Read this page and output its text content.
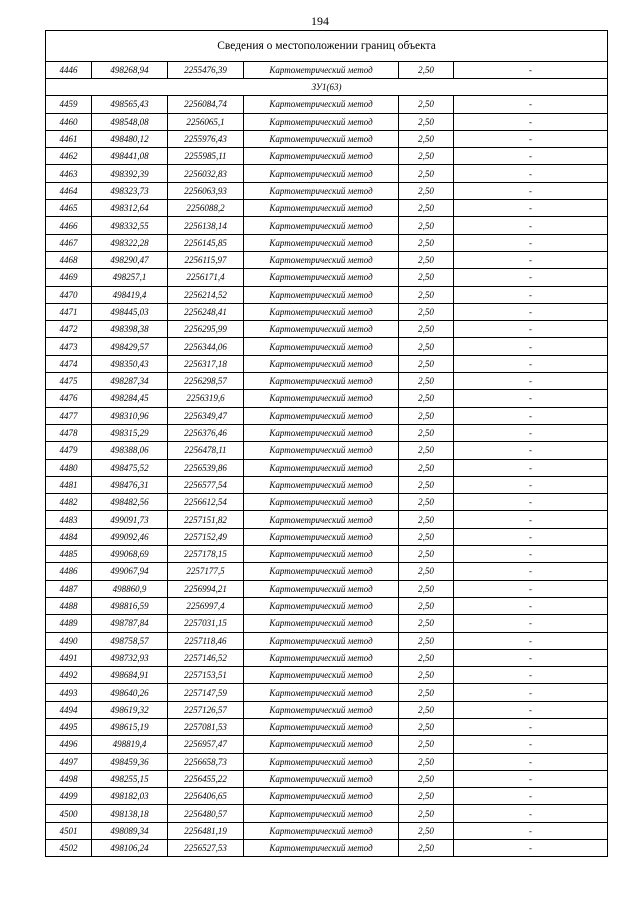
194
Сведения о местоположении границ объекта					
4446	498268,94	2255476,39	Картометрический метод	2,50	-
ЗУ1(63)					
4459	498565,43	2256084,74	Картометрический метод	2,50	-
4460	498548,08	2256065,1	Картометрический метод	2,50	-
4461	498480,12	2255976,43	Картометрический метод	2,50	-
4462	498441,08	2255985,11	Картометрический метод	2,50	-
4463	498392,39	2256032,83	Картометрический метод	2,50	-
4464	498323,73	2256063,93	Картометрический метод	2,50	-
4465	498312,64	2256088,2	Картометрический метод	2,50	-
4466	498332,55	2256138,14	Картометрический метод	2,50	-
4467	498322,28	2256145,85	Картометрический метод	2,50	-
4468	498290,47	2256115,97	Картометрический метод	2,50	-
4469	498257,1	2256171,4	Картометрический метод	2,50	-
4470	498419,4	2256214,52	Картометрический метод	2,50	-
4471	498445,03	2256248,41	Картометрический метод	2,50	-
4472	498398,38	2256295,99	Картометрический метод	2,50	-
4473	498429,57	2256344,06	Картометрический метод	2,50	-
4474	498350,43	2256317,18	Картометрический метод	2,50	-
4475	498287,34	2256298,57	Картометрический метод	2,50	-
4476	498284,45	2256319,6	Картометрический метод	2,50	-
4477	498310,96	2256349,47	Картометрический метод	2,50	-
4478	498315,29	2256376,46	Картометрический метод	2,50	-
4479	498388,06	2256478,11	Картометрический метод	2,50	-
4480	498475,52	2256539,86	Картометрический метод	2,50	-
4481	498476,31	2256577,54	Картометрический метод	2,50	-
4482	498482,56	2256612,54	Картометрический метод	2,50	-
4483	499091,73	2257151,82	Картометрический метод	2,50	-
4484	499092,46	2257152,49	Картометрический метод	2,50	-
4485	499068,69	2257178,15	Картометрический метод	2,50	-
4486	499067,94	2257177,5	Картометрический метод	2,50	-
4487	498860,9	2256994,21	Картометрический метод	2,50	-
4488	498816,59	2256997,4	Картометрический метод	2,50	-
4489	498787,84	2257031,15	Картометрический метод	2,50	-
4490	498758,57	2257118,46	Картометрический метод	2,50	-
4491	498732,93	2257146,52	Картометрический метод	2,50	-
4492	498684,91	2257153,51	Картометрический метод	2,50	-
4493	498640,26	2257147,59	Картометрический метод	2,50	-
4494	498619,32	2257126,57	Картометрический метод	2,50	-
4495	498615,19	2257081,53	Картометрический метод	2,50	-
4496	498819,4	2256957,47	Картометрический метод	2,50	-
4497	498459,36	2256658,73	Картометрический метод	2,50	-
4498	498255,15	2256455,22	Картометрический метод	2,50	-
4499	498182,03	2256406,65	Картометрический метод	2,50	-
4500	498138,18	2256480,57	Картометрический метод	2,50	-
4501	498089,34	2256481,19	Картометрический метод	2,50	-
4502	498106,24	2256527,53	Картометрический метод	2,50	-
